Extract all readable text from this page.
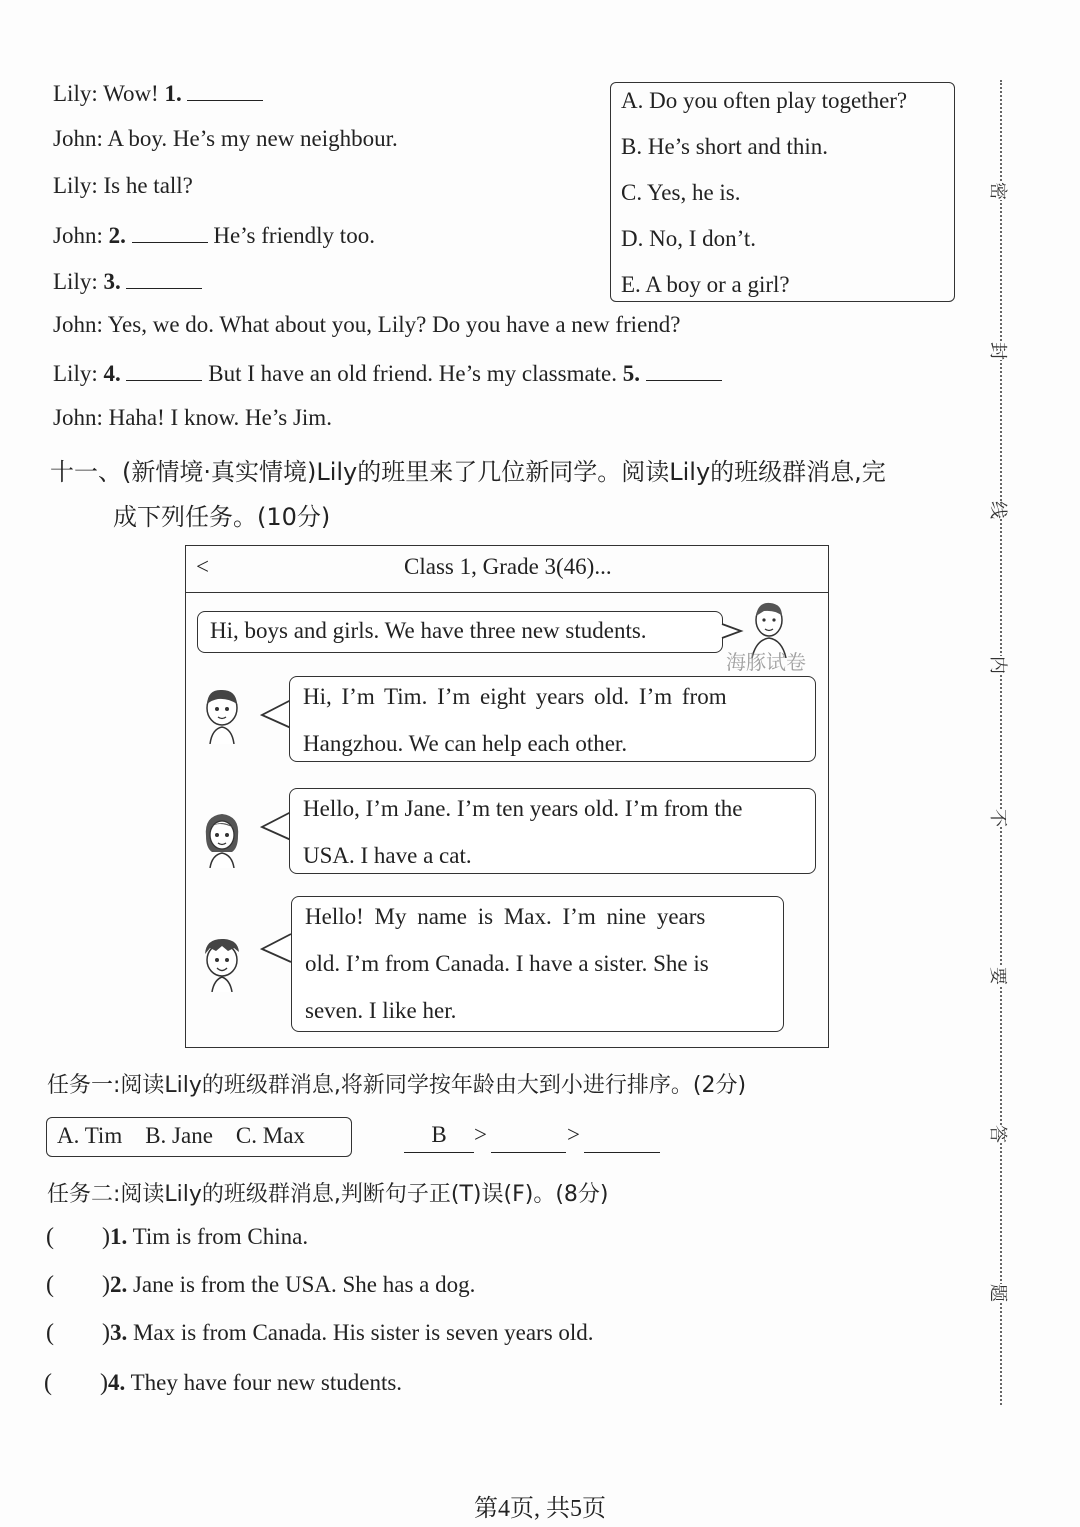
Lily: Wow! 1.
John: A boy. He’s my new neighbour.
Lily: Is he tall?
John: 2.	He’s friendly too.
Lily: 3.
John: Yes, we do. What about you, Lily? Do you have a new friend?
Lily: 4.	But I have an old friend. He’s my classmate. 5.
John: Haha! I know. He’s Jim.
A. Do you often play together?
B. He’s short and thin.
C. Yes, he is.
D. No, I don’t.
E. A boy or a girl?
十一、(新情境·真实情境)Lily的班里来了几位新同学。阅读Lily的班级群消息,完
成下列任务。(10分)
<	Class 1, Grade 3(46)...
Hi, boys and girls. We have three new students.
海豚试卷
Hi, I’m Tim. I’m eight years old. I’m from
Hangzhou. We can help each other.
Hello, I’m Jane. I’m ten years old. I’m from the
USA. I have a cat.
Hello! My name is Max. I’m nine years
old. I’m from Canada. I have a sister. She is
seven. I like her.
任务一:阅读Lily的班级群消息,将新同学按年龄由大到小进行排序。(2分)
A. Tim    B. Jane    C. Max	B	>	>
任务二:阅读Lily的班级群消息,判断句子正(T)误(F)。(8分)
(        )1. Tim is from China.
(        )2. Jane is from the USA. She has a dog.
(        )3. Max is from Canada. His sister is seven years old.
(        )4. They have four new students.
密
封
线
内
不
要
答
题
第4页, 共5页
